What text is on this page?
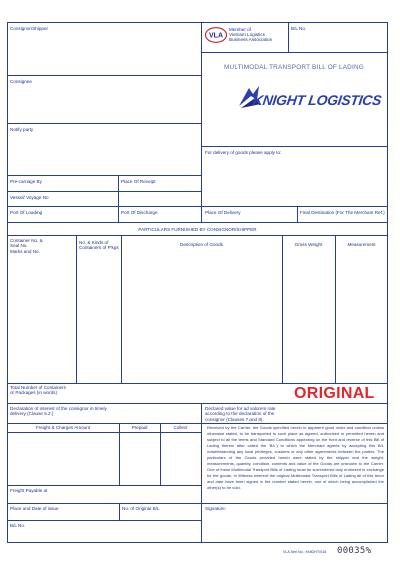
Consignor/Shipper	B/L No.
VLA
Member of
Vietnam Logistics
Business Association
MULTIMODAL TRANSPORT BILL OF LADING
KNIGHT LOGISTICS
Consignee
Notify party
For delivery of goods please apply to:
Pre-carriage By	Place Of Receipt
Vessel/ Voyage No
Port Of Loading	Port Of Discharge	Place Of Delivery	Final Destination (For The Merchant Ref.)
PARTICULARS FURNISHED BY CONSIGNOR/SHIPPER
Container No. &
Seal No.
Marks and No.
No. & Kinds of
Containers of P'kgs
Description of Goods	Gross Weight	Measurement
Total Number of Containers
or Packages (in words)	ORIGINAL
Declaration of interest of the consignor in timely
delivery (Clause 5.2.)
Declared value for ad valorem rate
according to the declaration of the
consignor (Clauses 7 and 8).
Freight & Charges Amount	Prepaid	Collect	Received by the Carrier, the Goods specified herein in apparent good order and condition unless otherwise stated, to be transported to such place as agreed, authorized or permitted herein and subject to all the terms and Standard Conditions appearing on the front and reverse of this Bill of Lading therein after called the 'B/L') to which the Merchant agrees by accepting this B/L notwithstanding any local privileges, customs or any other agreements between the parties. The particulars of the Goods provided herein were stated by the shipper and the weight, measurements, quantity, condition, contents and value of the Goods are unknown to the Carrier. One of these Multimodal Transport Bills of Lading must be surrendered duly endorsed in exchange for the goods. In Witness whereof the original Multimodal Transport Bills of Lading all of this tenor and date have been signed in the number stated herein, one of which being accomplished the other(s) to be void.
Freight Payable at
Place and Date of issue	No. of Original B/L	Signature:
B/L No.
VLA Seri No.: KNIGHT/018 00035%
